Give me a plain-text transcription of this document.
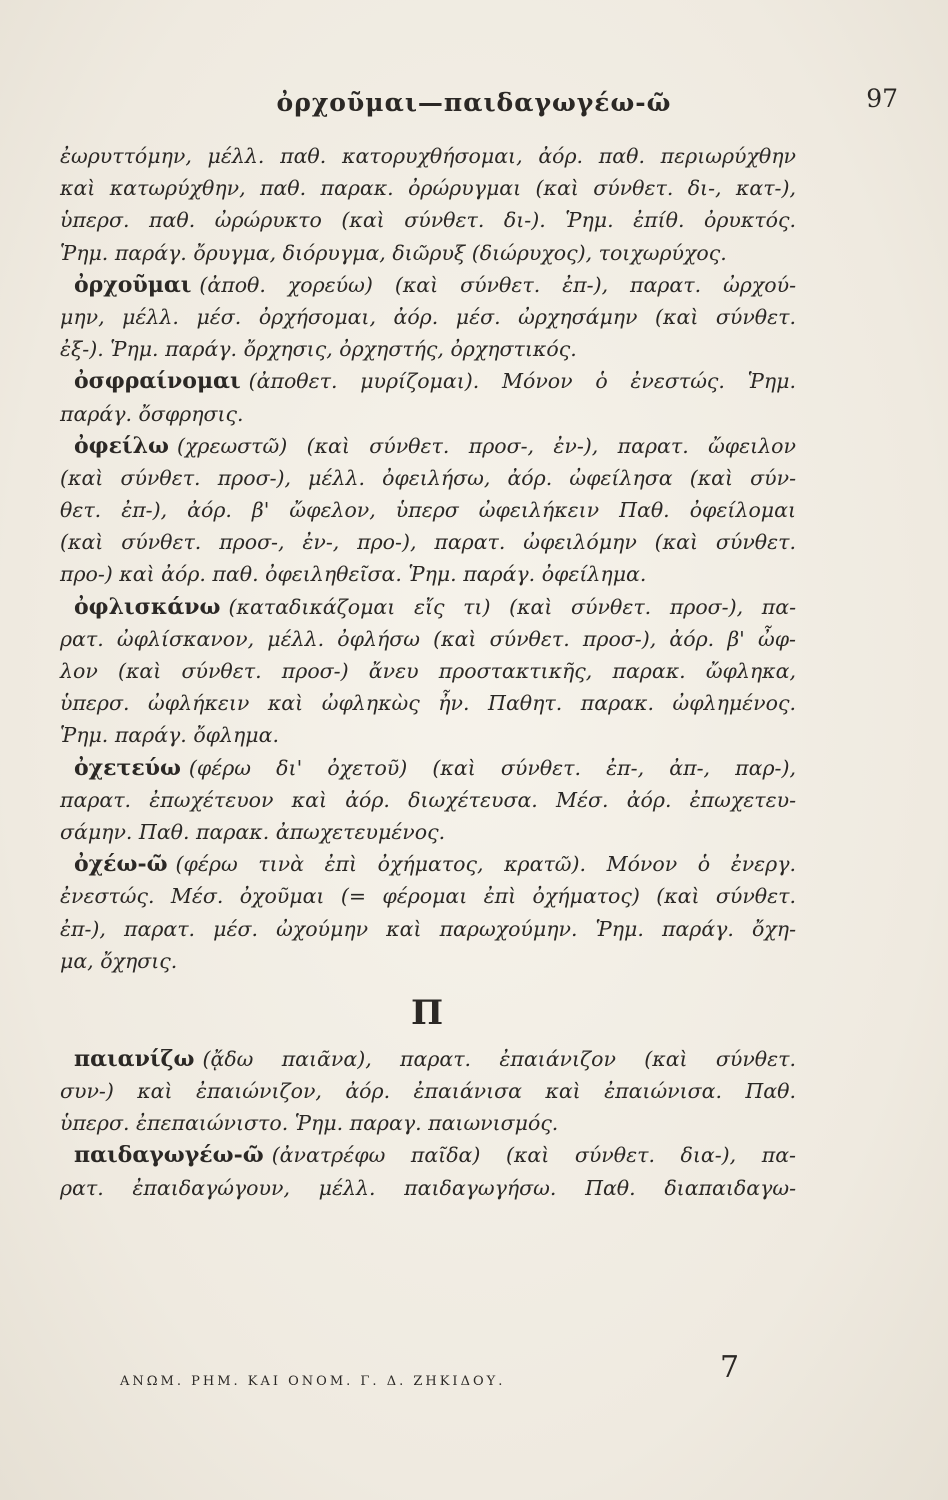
ὀρχοῦμαι—παιδαγωγέω-ῶ	97
ἐωρυττόμην, μέλλ. παθ. κατορυχθήσομαι, ἀόρ. παθ. περιωρύχθην
καὶ κατωρύχθην, παθ. παρακ. ὀρώρυγμαι (καὶ σύνθετ. δι-, κατ-),
ὑπερσ. παθ. ὠρώρυκτο (καὶ σύνθετ. δι-). Ῥημ. ἐπίθ. ὀρυκτός.
Ῥημ. παράγ. ὄρυγμα, διόρυγμα, διῶρυξ (διώρυχος), τοιχωρύχος.
ὀρχοῦμαι (ἀποθ. χορεύω) (καὶ σύνθετ. ἐπ-), παρατ. ὠρχού-
μην, μέλλ. μέσ. ὀρχήσομαι, ἀόρ. μέσ. ὠρχησάμην (καὶ σύνθετ.
ἐξ-). Ῥημ. παράγ. ὄρχησις, ὀρχηστής, ὀρχηστικός.
ὀσφραίνομαι (ἀποθετ. μυρίζομαι). Μόνον ὁ ἐνεστώς. Ῥημ.
παράγ. ὄσφρησις.
ὀφείλω (χρεωστῶ) (καὶ σύνθετ. προσ-, ἐν-), παρατ. ὤφειλον
(καὶ σύνθετ. προσ-), μέλλ. ὀφειλήσω, ἀόρ. ὠφείλησα (καὶ σύν-
θετ. ἐπ-), ἀόρ. β' ὤφελον, ὑπερσ ὠφειλήκειν Παθ. ὀφείλομαι
(καὶ σύνθετ. προσ-, ἐν-, προ-), παρατ. ὠφειλόμην (καὶ σύνθετ.
προ-) καὶ ἀόρ. παθ. ὀφειληθεῖσα. Ῥημ. παράγ. ὀφείλημα.
ὀφλισκάνω (καταδικάζομαι εἴς τι) (καὶ σύνθετ. προσ-), πα-
ρατ. ὠφλίσκανον, μέλλ. ὀφλήσω (καὶ σύνθετ. προσ-), ἀόρ. β' ὦφ-
λον (καὶ σύνθετ. προσ-) ἄνευ προστακτικῆς, παρακ. ὤφληκα,
ὑπερσ. ὠφλήκειν καὶ ὠφληκὼς ἦν. Παθητ. παρακ. ὠφλημένος.
Ῥημ. παράγ. ὄφλημα.
ὀχετεύω (φέρω δι' ὀχετοῦ) (καὶ σύνθετ. ἐπ-, ἀπ-, παρ-),
παρατ. ἐπωχέτευον καὶ ἀόρ. διωχέτευσα. Μέσ. ἀόρ. ἐπωχετευ-
σάμην. Παθ. παρακ. ἀπωχετευμένος.
ὀχέω-ῶ (φέρω τινὰ ἐπὶ ὀχήματος, κρατῶ). Μόνον ὁ ἐνεργ.
ἐνεστώς. Μέσ. ὀχοῦμαι (= φέρομαι ἐπὶ ὀχήματος) (καὶ σύνθετ.
ἐπ-), παρατ. μέσ. ὠχούμην καὶ παρωχούμην. Ῥημ. παράγ. ὄχη-
μα, ὄχησις.
Π
παιανίζω (ᾄδω παιᾶνα), παρατ. ἐπαιάνιζον (καὶ σύνθετ.
συν-) καὶ ἐπαιώνιζον, ἀόρ. ἐπαιάνισα καὶ ἐπαιώνισα. Παθ.
ὑπερσ. ἐπεπαιώνιστο. Ῥημ. παραγ. παιωνισμός.
παιδαγωγέω-ῶ (ἀνατρέφω παῖδα) (καὶ σύνθετ. δια-), πα-
ρατ. ἐπαιδαγώγουν, μέλλ. παιδαγωγήσω. Παθ. διαπαιδαγω-
ΑΝΩΜ. ΡΗΜ. ΚΑΙ ΟΝΟΜ. Γ. Δ. ΖΗΚΙΔΟΥ.	7
